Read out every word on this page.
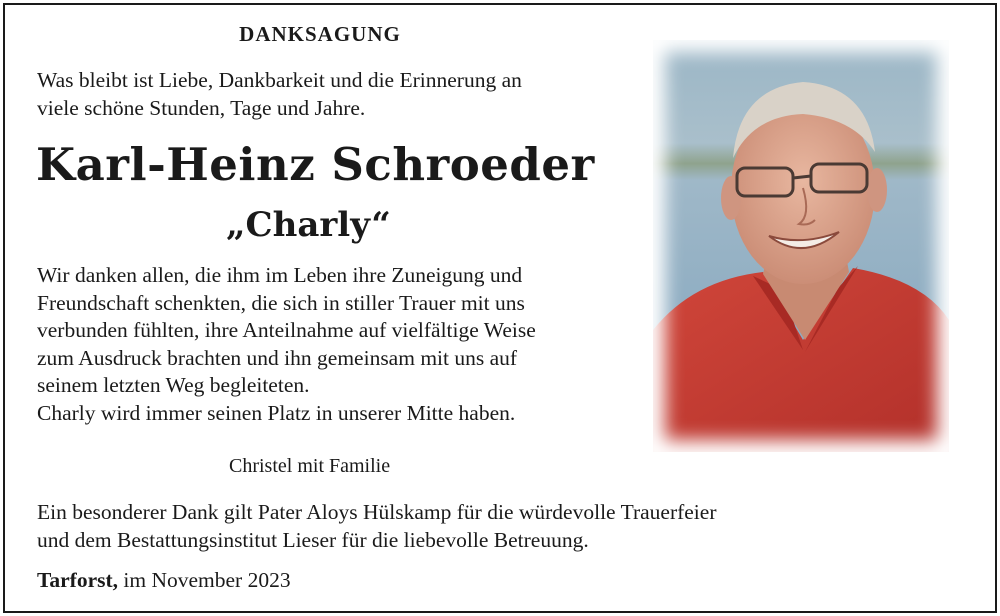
DANKSAGUNG
Was bleibt ist Liebe, Dankbarkeit und die Erinnerung an
viele schöne Stunden, Tage und Jahre.
Karl-Heinz Schroeder
„Charly“

Wir danken allen, die ihm im Leben ihre Zuneigung und

Freundschaft schenkten, die sich in stiller Trauer mit uns

verbunden fühlten, ihre Anteilnahme auf vielfältige Weise

zum Ausdruck brachten und ihn gemeinsam mit uns auf

seinem letzten Weg begleiteten.

Charly wird immer seinen Platz in unserer Mitte haben.

Christel mit Familie
Ein besonderer Dank gilt Pater Aloys Hülskamp für die würdevolle Trauerfeier
und dem Bestattungsinstitut Lieser für die liebevolle Betreuung.
Tarforst, im November 2023
